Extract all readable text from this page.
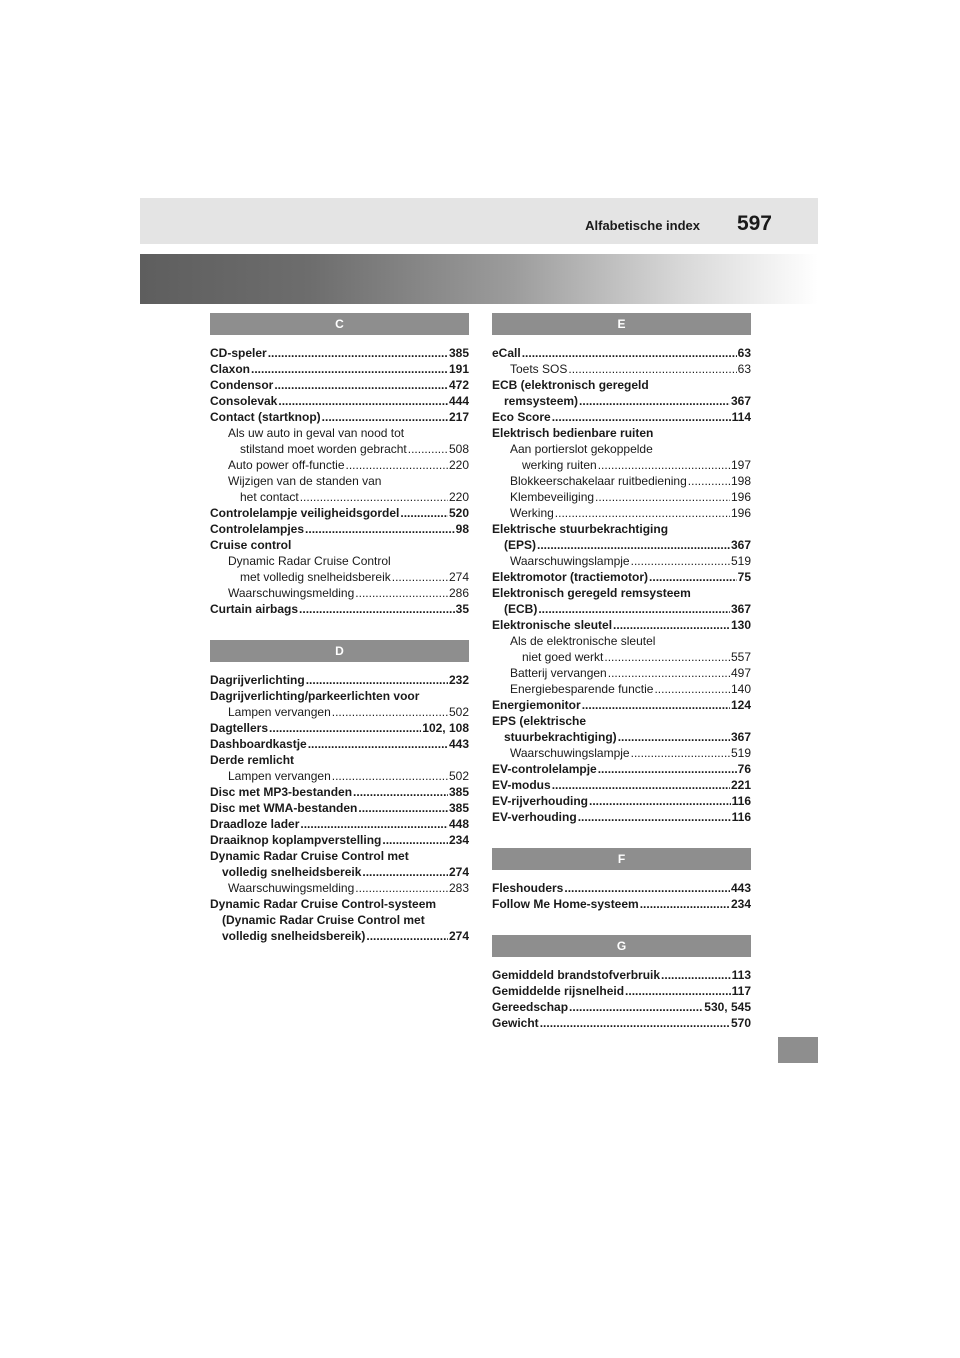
Alfabetische index 597
C
CD-speler .....	385
Claxon .....	191
Condensor .....	472
Consolevak .....	444
Contact (startknop) .....	217
Als uw auto in geval van nood tot
stilstand moet worden gebracht .....	508
Auto power off-functie .....	220
Wijzigen van de standen van
het contact .....	220
Controlelampje veiligheidsgordel .....	520
Controlelampjes .....	98
Cruise control
Dynamic Radar Cruise Control
met volledig snelheidsbereik .....	274
Waarschuwingsmelding .....	286
Curtain airbags .....	35
D
Dagrijverlichting .....	232
Dagrijverlichting/parkeerlichten voor
Lampen vervangen .....	502
Dagtellers .....	102, 108
Dashboardkastje .....	443
Derde remlicht
Lampen vervangen .....	502
Disc met MP3-bestanden .....	385
Disc met WMA-bestanden .....	385
Draadloze lader .....	448
Draaiknop koplampverstelling .....	234
Dynamic Radar Cruise Control met
volledig snelheidsbereik .....	274
Waarschuwingsmelding .....	283
Dynamic Radar Cruise Control-systeem
(Dynamic Radar Cruise Control met
volledig snelheidsbereik) .....	274
E
eCall .....	63
Toets SOS .....	63
ECB (elektronisch geregeld
remsysteem) .....	367
Eco Score .....	114
Elektrisch bedienbare ruiten
Aan portierslot gekoppelde
werking ruiten .....	197
Blokkeerschakelaar ruitbediening .....	198
Klembeveiliging .....	196
Werking .....	196
Elektrische stuurbekrachtiging
(EPS) .....	367
Waarschuwingslampje .....	519
Elektromotor (tractiemotor) .....	75
Elektronisch geregeld remsysteem
(ECB) .....	367
Elektronische sleutel .....	130
Als de elektronische sleutel
niet goed werkt .....	557
Batterij vervangen .....	497
Energiebesparende functie .....	140
Energiemonitor .....	124
EPS (elektrische
stuurbekrachtiging) .....	367
Waarschuwingslampje .....	519
EV-controlelampje .....	76
EV-modus .....	221
EV-rijverhouding .....	116
EV-verhouding .....	116
F
Fleshouders .....	443
Follow Me Home-systeem .....	234
G
Gemiddeld brandstofverbruik .....	113
Gemiddelde rijsnelheid .....	117
Gereedschap .....	530, 545
Gewicht .....	570
